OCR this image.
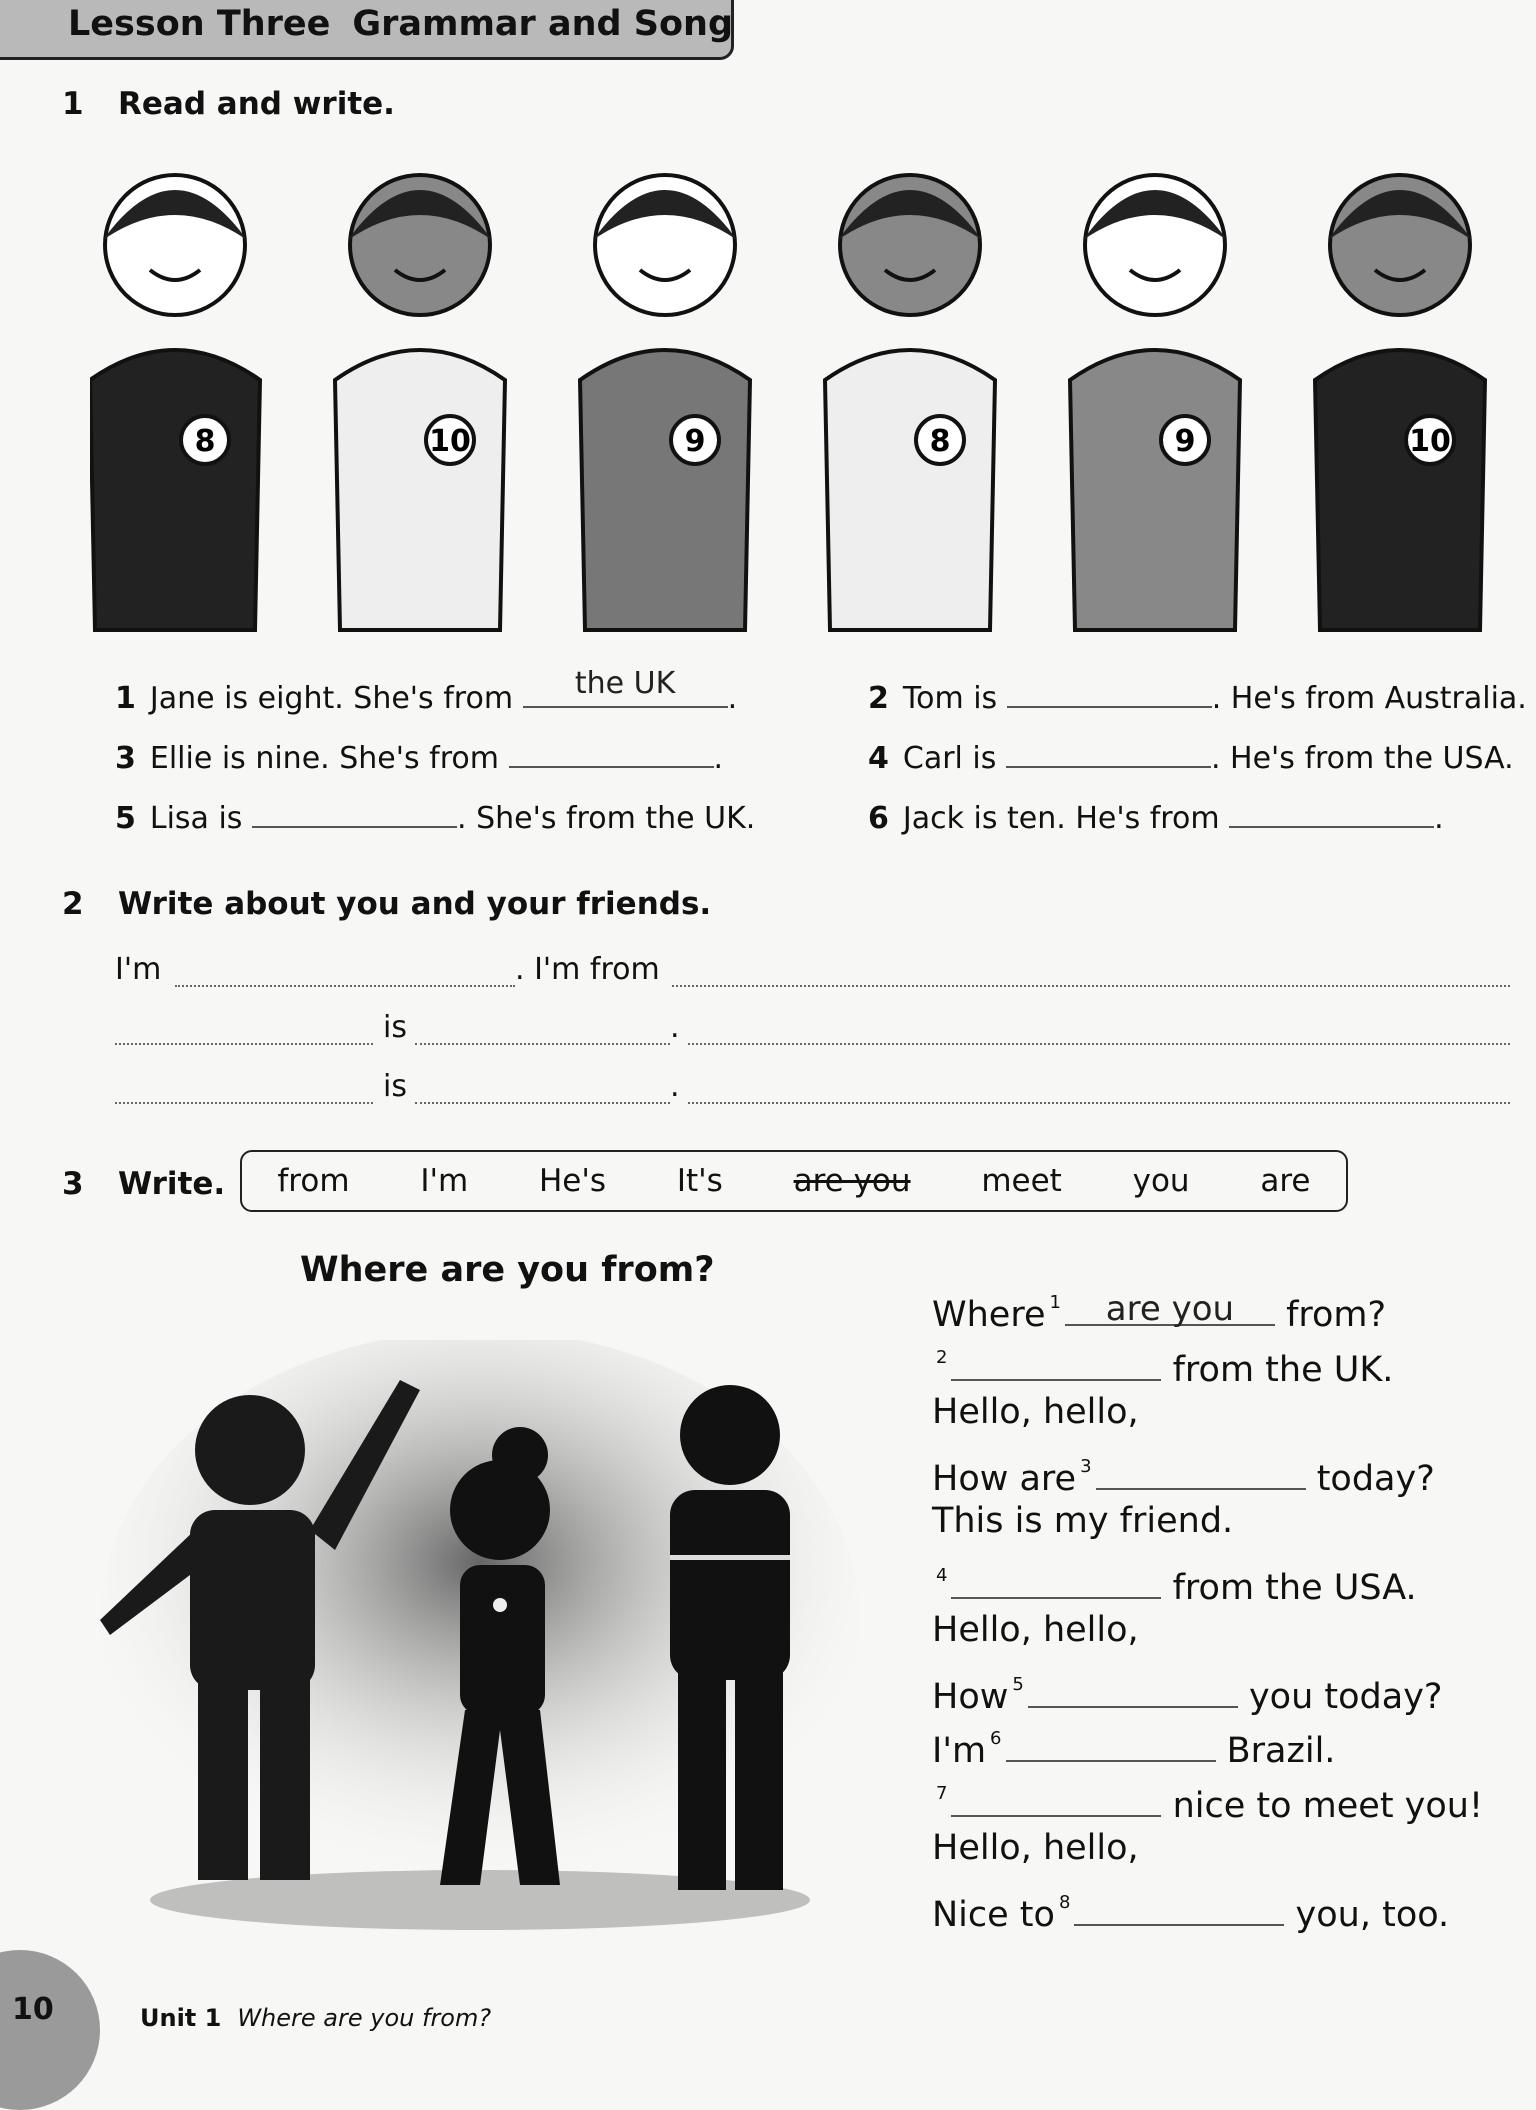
Lesson Three Grammar and Song
1 Read and write.
8	10	9	8	9	10
1 Jane is eight. She's from	the UK	.	2 Tom is	. He's from Australia.
3 Ellie is nine. She's from	.	4 Carl is	. He's from the USA.
5 Lisa is	. She's from the UK.	6 Jack is ten. He's from	.
2 Write about you and your friends.
I'm	. I'm from
is	.
is	.
3 Write. from I'm He's It's are you meet you are
Where are you from?
Where $^1$	are you	from?
$^2$	from the UK.
Hello, hello,
How are $^3$	today?
This is my friend.
$^4$	from the USA.
Hello, hello,
How $^5$	you today?
I'm $^6$	Brazil.
$^7$	nice to meet you!
Hello, hello,
Nice to $^8$	you, too.
10	Unit 1 Where are you from?
